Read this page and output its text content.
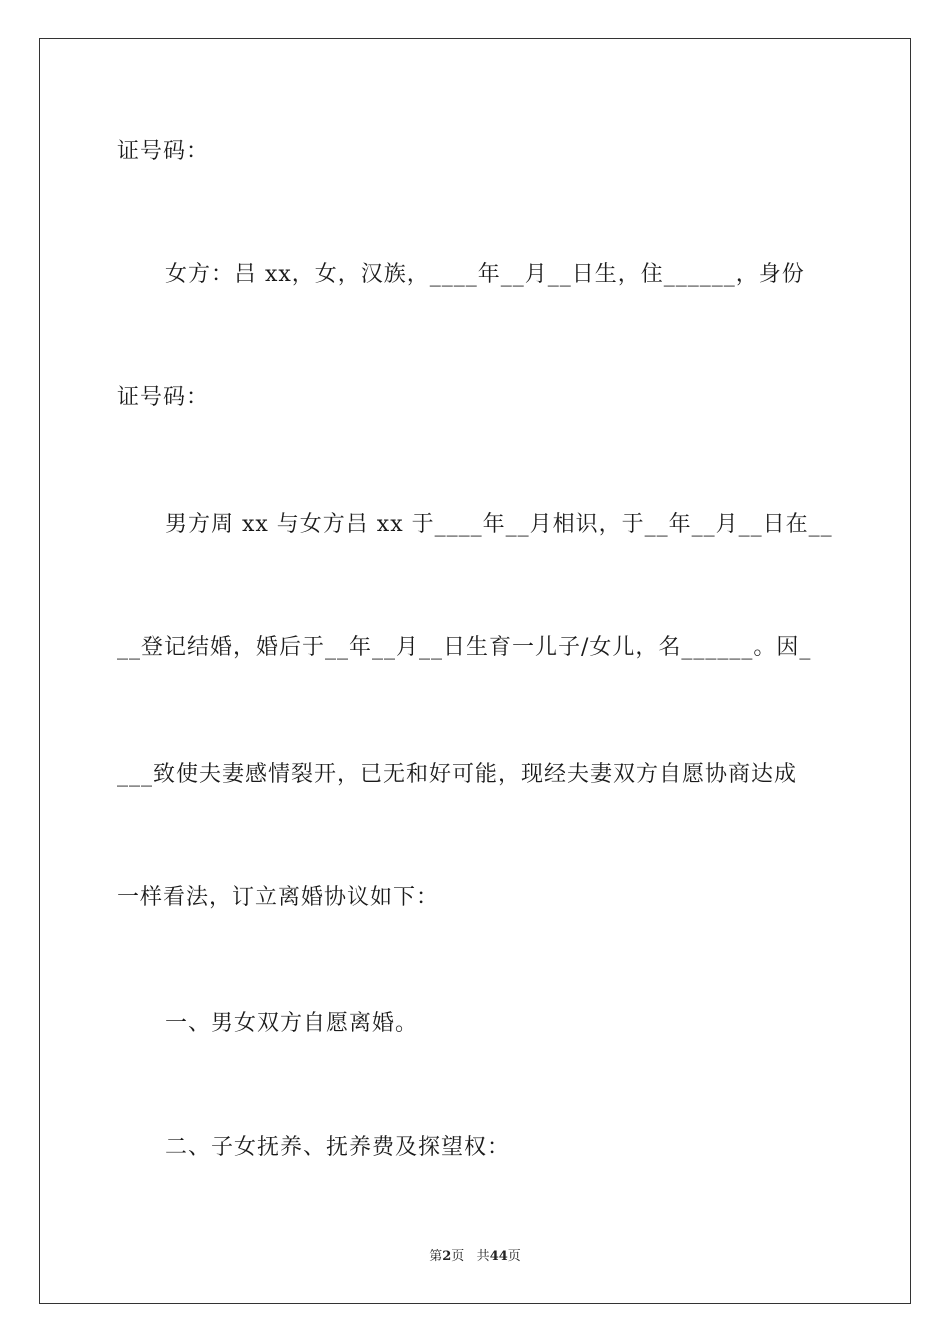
证号码：
女方：吕 xx，女，汉族，____年__月__日生，住______，身份
证号码：
男方周 xx 与女方吕 xx 于____年__月相识，于__年__月__日在__
__登记结婚，婚后于__年__月__日生育一儿子/女儿，名______。因_
___致使夫妻感情裂开，已无和好可能，现经夫妻双方自愿协商达成
一样看法，订立离婚协议如下：
一、男女双方自愿离婚。
二、子女抚养、抚养费及探望权：
第2页 共44页
